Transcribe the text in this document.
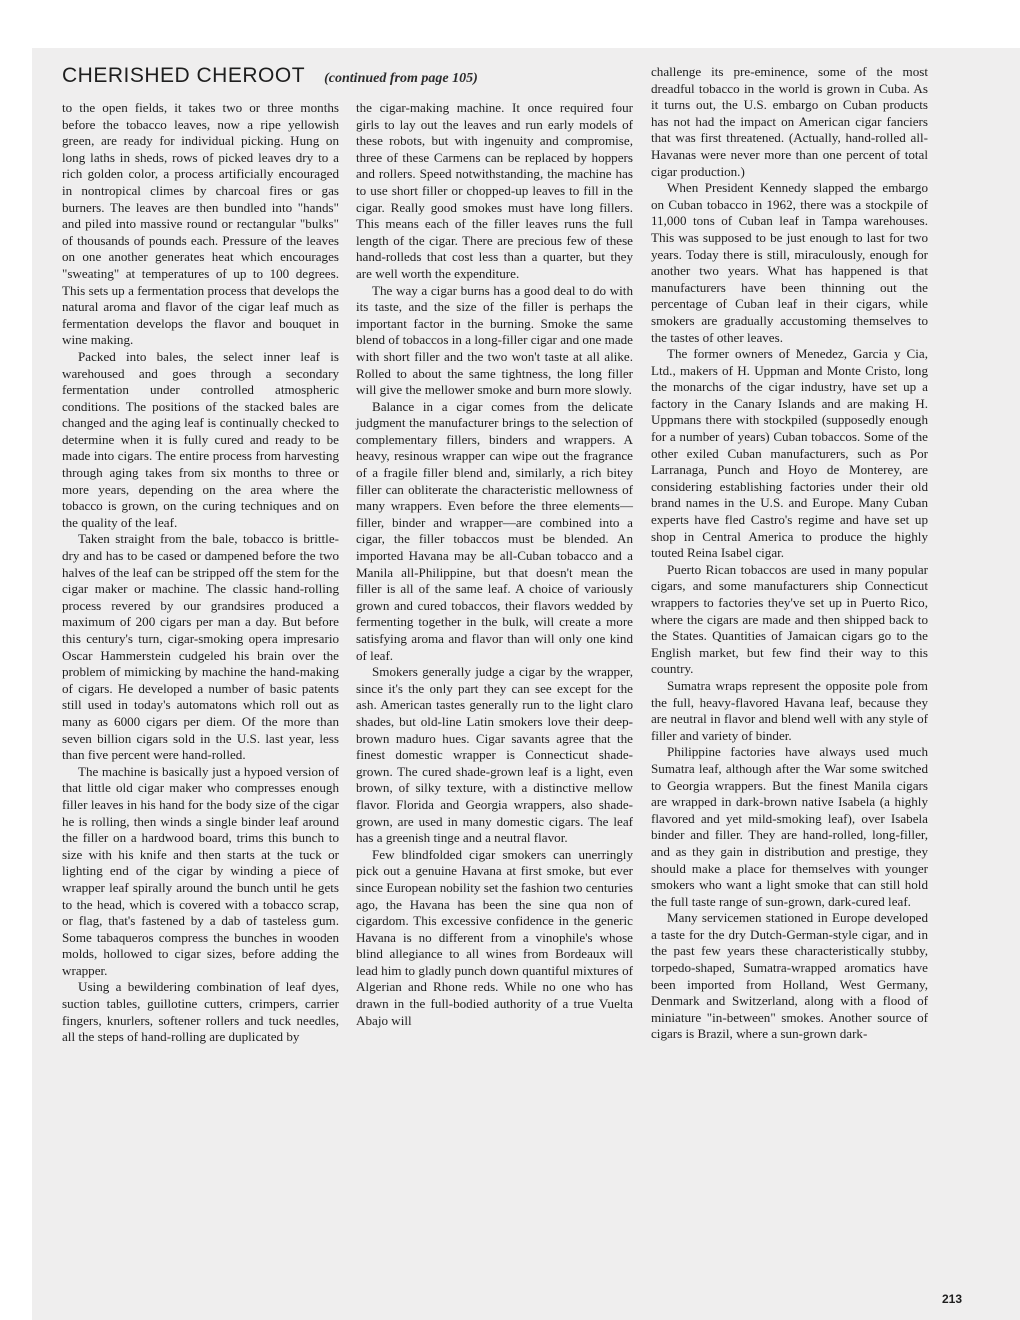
CHERISHED CHEROOT (continued from page 105)

to the open fields, it takes two or three months before the tobacco leaves, now a ripe yellowish green, are ready for individual picking. Hung on long laths in sheds, rows of picked leaves dry to a rich golden color, a process artificially encouraged in nontropical climes by charcoal fires or gas burners. The leaves are then bundled into "hands" and piled into massive round or rectangular "bulks" of thousands of pounds each. Pressure of the leaves on one another generates heat which encourages "sweating" at temperatures of up to 100 degrees. This sets up a fermentation process that develops the natural aroma and flavor of the cigar leaf much as fermentation develops the flavor and bouquet in wine making.

Packed into bales, the select inner leaf is warehoused and goes through a secondary fermentation under controlled atmospheric conditions. The positions of the stacked bales are changed and the aging leaf is continually checked to determine when it is fully cured and ready to be made into cigars. The entire process from harvesting through aging takes from six months to three or more years, depending on the area where the tobacco is grown, on the curing techniques and on the quality of the leaf.

Taken straight from the bale, tobacco is brittle-dry and has to be cased or dampened before the two halves of the leaf can be stripped off the stem for the cigar maker or machine. The classic hand-rolling process revered by our grandsires produced a maximum of 200 cigars per man a day. But before this century's turn, cigar-smoking opera impresario Oscar Hammerstein cudgeled his brain over the problem of mimicking by machine the hand-making of cigars. He developed a number of basic patents still used in today's automatons which roll out as many as 6000 cigars per diem. Of the more than seven billion cigars sold in the U.S. last year, less than five percent were hand-rolled.

The machine is basically just a hypoed version of that little old cigar maker who compresses enough filler leaves in his hand for the body size of the cigar he is rolling, then winds a single binder leaf around the filler on a hardwood board, trims this bunch to size with his knife and then starts at the tuck or lighting end of the cigar by winding a piece of wrapper leaf spirally around the bunch until he gets to the head, which is covered with a tobacco scrap, or flag, that's fastened by a dab of tasteless gum. Some tabaqueros compress the bunches in wooden molds, hollowed to cigar sizes, before adding the wrapper.

Using a bewildering combination of leaf dyes, suction tables, guillotine cutters, crimpers, carrier fingers, knurlers, softener rollers and tuck needles, all the steps of hand-rolling are duplicated by

the cigar-making machine. It once required four girls to lay out the leaves and run early models of these robots, but with ingenuity and compromise, three of these Carmens can be replaced by hoppers and rollers. Speed notwithstanding, the machine has to use short filler or chopped-up leaves to fill in the cigar. Really good smokes must have long fillers. This means each of the filler leaves runs the full length of the cigar. There are precious few of these hand-rolleds that cost less than a quarter, but they are well worth the expenditure.

The way a cigar burns has a good deal to do with its taste, and the size of the filler is perhaps the important factor in the burning. Smoke the same blend of tobaccos in a long-filler cigar and one made with short filler and the two won't taste at all alike. Rolled to about the same tightness, the long filler will give the mellower smoke and burn more slowly.

Balance in a cigar comes from the delicate judgment the manufacturer brings to the selection of complementary fillers, binders and wrappers. A heavy, resinous wrapper can wipe out the fragrance of a fragile filler blend and, similarly, a rich bitey filler can obliterate the characteristic mellowness of many wrappers. Even before the three elements—filler, binder and wrapper—are combined into a cigar, the filler tobaccos must be blended. An imported Havana may be all-Cuban tobacco and a Manila all-Philippine, but that doesn't mean the filler is all of the same leaf. A choice of variously grown and cured tobaccos, their flavors wedded by fermenting together in the bulk, will create a more satisfying aroma and flavor than will only one kind of leaf.

Smokers generally judge a cigar by the wrapper, since it's the only part they can see except for the ash. American tastes generally run to the light claro shades, but old-line Latin smokers love their deep-brown maduro hues. Cigar savants agree that the finest domestic wrapper is Connecticut shade-grown. The cured shade-grown leaf is a light, even brown, of silky texture, with a distinctive mellow flavor. Florida and Georgia wrappers, also shade-grown, are used in many domestic cigars. The leaf has a greenish tinge and a neutral flavor.

Few blindfolded cigar smokers can unerringly pick out a genuine Havana at first smoke, but ever since European nobility set the fashion two centuries ago, the Havana has been the sine qua non of cigardom. This excessive confidence in the generic Havana is no different from a vinophile's whose blind allegiance to all wines from Bordeaux will lead him to gladly punch down quantiful mixtures of Algerian and Rhone reds. While no one who has drawn in the full-bodied authority of a true Vuelta Abajo will

challenge its pre-eminence, some of the most dreadful tobacco in the world is grown in Cuba. As it turns out, the U.S. embargo on Cuban products has not had the impact on American cigar fanciers that was first threatened. (Actually, hand-rolled all-Havanas were never more than one percent of total cigar production.)

When President Kennedy slapped the embargo on Cuban tobacco in 1962, there was a stockpile of 11,000 tons of Cuban leaf in Tampa warehouses. This was supposed to be just enough to last for two years. Today there is still, miraculously, enough for another two years. What has happened is that manufacturers have been thinning out the percentage of Cuban leaf in their cigars, while smokers are gradually accustoming themselves to the tastes of other leaves.

The former owners of Menedez, Garcia y Cia, Ltd., makers of H. Uppman and Monte Cristo, long the monarchs of the cigar industry, have set up a factory in the Canary Islands and are making H. Uppmans there with stockpiled (supposedly enough for a number of years) Cuban tobaccos. Some of the other exiled Cuban manufacturers, such as Por Larranaga, Punch and Hoyo de Monterey, are considering establishing factories under their old brand names in the U.S. and Europe. Many Cuban experts have fled Castro's regime and have set up shop in Central America to produce the highly touted Reina Isabel cigar.

Puerto Rican tobaccos are used in many popular cigars, and some manufacturers ship Connecticut wrappers to factories they've set up in Puerto Rico, where the cigars are made and then shipped back to the States. Quantities of Jamaican cigars go to the English market, but few find their way to this country.

Sumatra wraps represent the opposite pole from the full, heavy-flavored Havana leaf, because they are neutral in flavor and blend well with any style of filler and variety of binder.

Philippine factories have always used much Sumatra leaf, although after the War some switched to Georgia wrappers. But the finest Manila cigars are wrapped in dark-brown native Isabela (a highly flavored and yet mild-smoking leaf), over Isabela binder and filler. They are hand-rolled, long-filler, and as they gain in distribution and prestige, they should make a place for themselves with younger smokers who want a light smoke that can still hold the full taste range of sun-grown, dark-cured leaf.

Many servicemen stationed in Europe developed a taste for the dry Dutch-German-style cigar, and in the past few years these characteristically stubby, torpedo-shaped, Sumatra-wrapped aromatics have been imported from Holland, West Germany, Denmark and Switzerland, along with a flood of miniature "in-between" smokes. Another source of cigars is Brazil, where a sun-grown dark-

213
